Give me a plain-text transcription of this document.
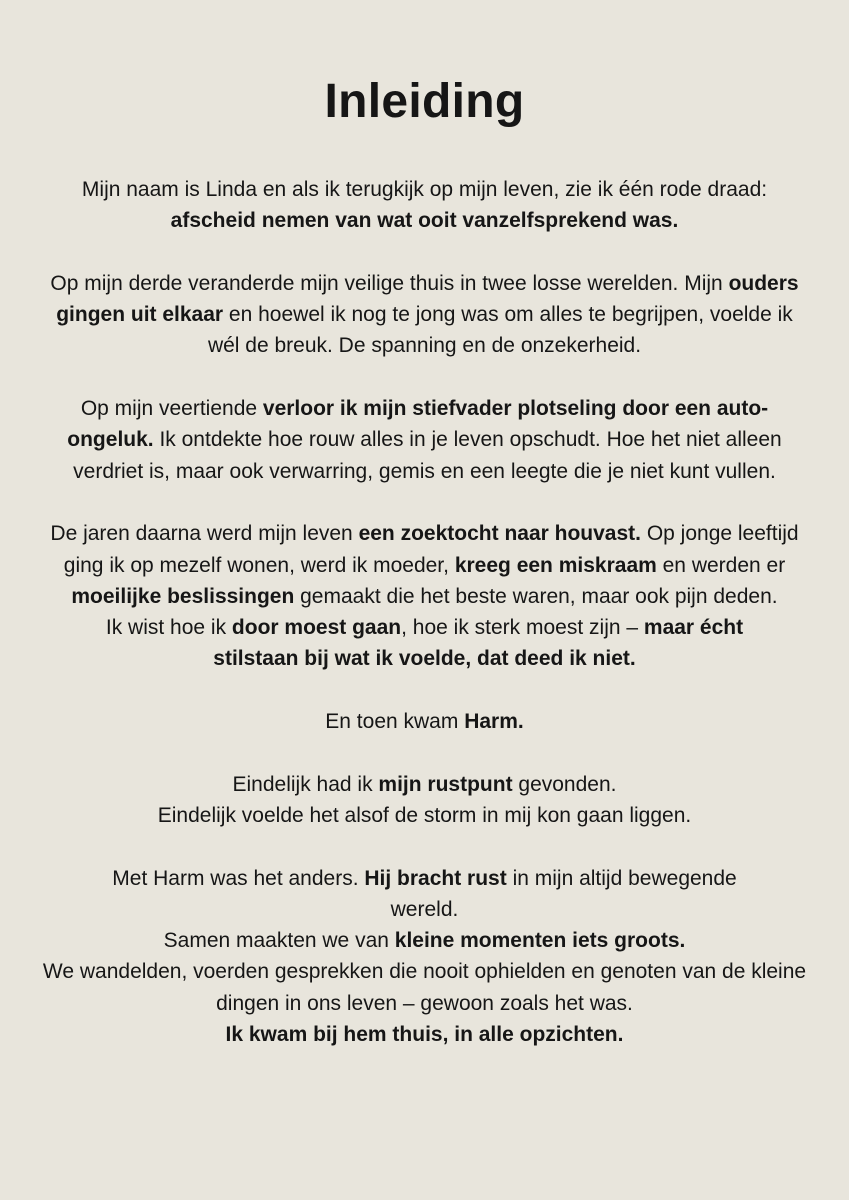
Inleiding

Mijn naam is Linda en als ik terugkijk op mijn leven, zie ik één rode draad: afscheid nemen van wat ooit vanzelfsprekend was.

Op mijn derde veranderde mijn veilige thuis in twee losse werelden. Mijn ouders gingen uit elkaar en hoewel ik nog te jong was om alles te begrijpen, voelde ik wél de breuk. De spanning en de onzekerheid.

Op mijn veertiende verloor ik mijn stiefvader plotseling door een auto-ongeluk. Ik ontdekte hoe rouw alles in je leven opschudt. Hoe het niet alleen verdriet is, maar ook verwarring, gemis en een leegte die je niet kunt vullen.

De jaren daarna werd mijn leven een zoektocht naar houvast. Op jonge leeftijd ging ik op mezelf wonen, werd ik moeder, kreeg een miskraam en werden er moeilijke beslissingen gemaakt die het beste waren, maar ook pijn deden.

Ik wist hoe ik door moest gaan, hoe ik sterk moest zijn – maar écht stilstaan bij wat ik voelde, dat deed ik niet.

En toen kwam Harm.

Eindelijk had ik mijn rustpunt gevonden.

Eindelijk voelde het alsof de storm in mij kon gaan liggen.

Met Harm was het anders. Hij bracht rust in mijn altijd bewegende wereld.

Samen maakten we van kleine momenten iets groots.

We wandelden, voerden gesprekken die nooit ophielden en genoten van de kleine dingen in ons leven – gewoon zoals het was.

Ik kwam bij hem thuis, in alle opzichten.
